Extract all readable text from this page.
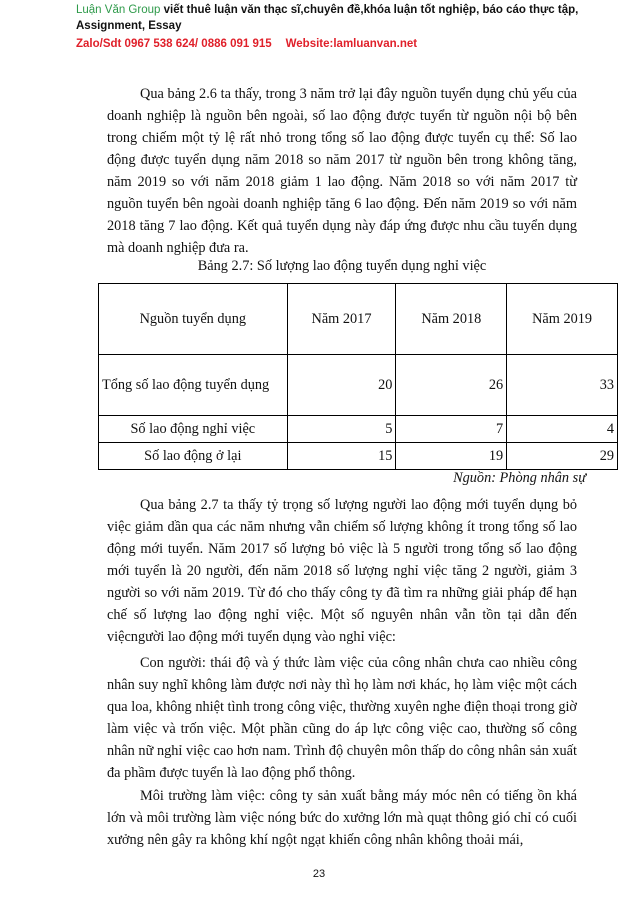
Luận Văn Group viết thuê luận văn thạc sĩ,chuyên đề,khóa luận tốt nghiệp, báo cáo thực tập,
Assignment, Essay
Zalo/Sdt 0967 538 624/ 0886 091 915 Website:lamluanvan.net

Qua bảng 2.6 ta thấy, trong 3 năm trở lại đây nguồn tuyển dụng chủ yếu của doanh nghiệp là nguồn bên ngoài, số lao động được tuyển từ nguồn nội bộ bên trong chiếm một tỷ lệ rất nhỏ trong tổng số lao động được tuyển cụ thể: Số lao động được tuyển dụng năm 2018 so năm 2017 từ nguồn bên trong không tăng, năm 2019 so với năm 2018 giảm 1 lao động. Năm 2018 so với năm 2017 từ nguồn tuyển bên ngoài doanh nghiệp tăng 6 lao động. Đến năm 2019 so với năm 2018 tăng 7 lao động. Kết quả tuyển dụng này đáp ứng được nhu cầu tuyển dụng mà doanh nghiệp đưa ra.

Bảng 2.7: Số lượng lao động tuyển dụng nghỉ việc
Nguồn tuyển dụng	Năm 2017	Năm 2018	Năm 2019
Tổng số lao động tuyển dụng	20	26	33
Số lao động nghỉ việc	5	7	4
Số lao động ở lại	15	19	29
Nguồn: Phòng nhân sự

Qua bảng 2.7 ta thấy tỷ trọng số lượng người lao động mới tuyển dụng bỏ việc giảm dần qua các năm nhưng vẫn chiếm số lượng không ít trong tổng số lao động mới tuyển. Năm 2017 số lượng bỏ việc là 5 người trong tổng số lao động mới tuyển là 20 người, đến năm 2018 số lượng nghỉ việc tăng 2 người, giảm 3 người so với năm 2019. Từ đó cho thấy công ty đã tìm ra những giải pháp để hạn chế số lượng lao động nghỉ việc. Một số nguyên nhân vẫn tồn tại dẫn đến việcngười lao động mới tuyển dụng vào nghỉ việc:

Con người: thái độ và ý thức làm việc của công nhân chưa cao nhiều công nhân suy nghĩ không làm được nơi này thì họ làm nơi khác, họ làm việc một cách qua loa, không nhiệt tình trong công việc, thường xuyên nghe điện thoại trong giờ làm việc và trốn việc. Một phần cũng do áp lực công việc cao, thường số công nhân nữ nghỉ việc cao hơn nam. Trình độ chuyên môn thấp do công nhân sản xuất đa phầm được tuyển là lao động phổ thông.

Môi trường làm việc: công ty sản xuất bằng máy móc nên có tiếng ồn khá lớn và môi trường làm việc nóng bức do xưởng lớn mà quạt thông gió chỉ có cuối xưởng nên gây ra không khí ngột ngạt khiến công nhân không thoải mái,

23
